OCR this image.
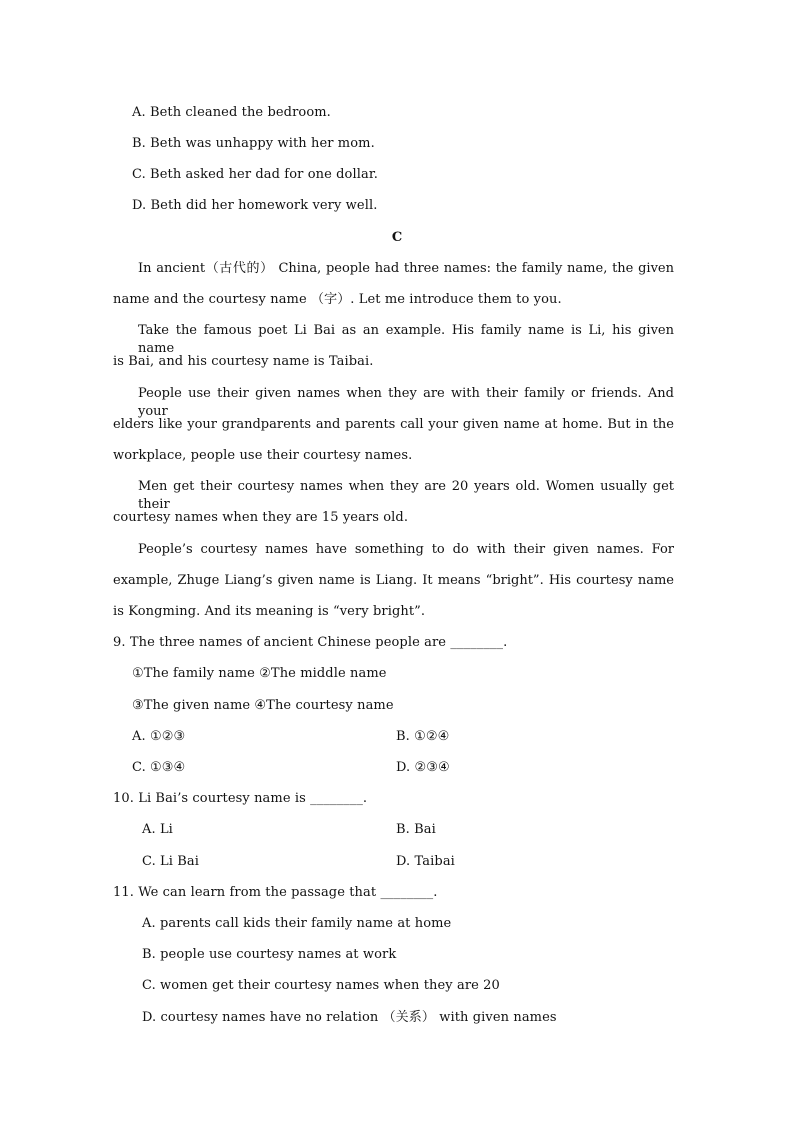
A. Beth cleaned the bedroom.
B. Beth was unhappy with her mom.
C. Beth asked her dad for one dollar.
D. Beth did her homework very well.
C
In ancient（古代的） China, people had three names: the family name, the given
name and the courtesy name （字）. Let me introduce them to you.
Take the famous poet Li Bai as an example. His family name is Li, his given name
is Bai, and his courtesy name is Taibai.
People use their given names when they are with their family or friends. And your
elders like your grandparents and parents call your given name at home. But in the
workplace, people use their courtesy names.
Men get their courtesy names when they are 20 years old. Women usually get their
courtesy names when they are 15 years old.
People’s courtesy names have something to do with their given names. For
example, Zhuge Liang’s given name is Liang. It means “bright”. His courtesy name
is Kongming. And its meaning is “very bright”.
9. The three names of ancient Chinese people are ________.
①The family name ②The middle name
③The given name ④The courtesy name
A. ①②③	B. ①②④
C. ①③④	D. ②③④
10. Li Bai’s courtesy name is ________.
A. Li	B. Bai
C. Li Bai	D. Taibai
11. We can learn from the passage that ________.
A. parents call kids their family name at home
B. people use courtesy names at work
C. women get their courtesy names when they are 20
D. courtesy names have no relation （关系） with given names
